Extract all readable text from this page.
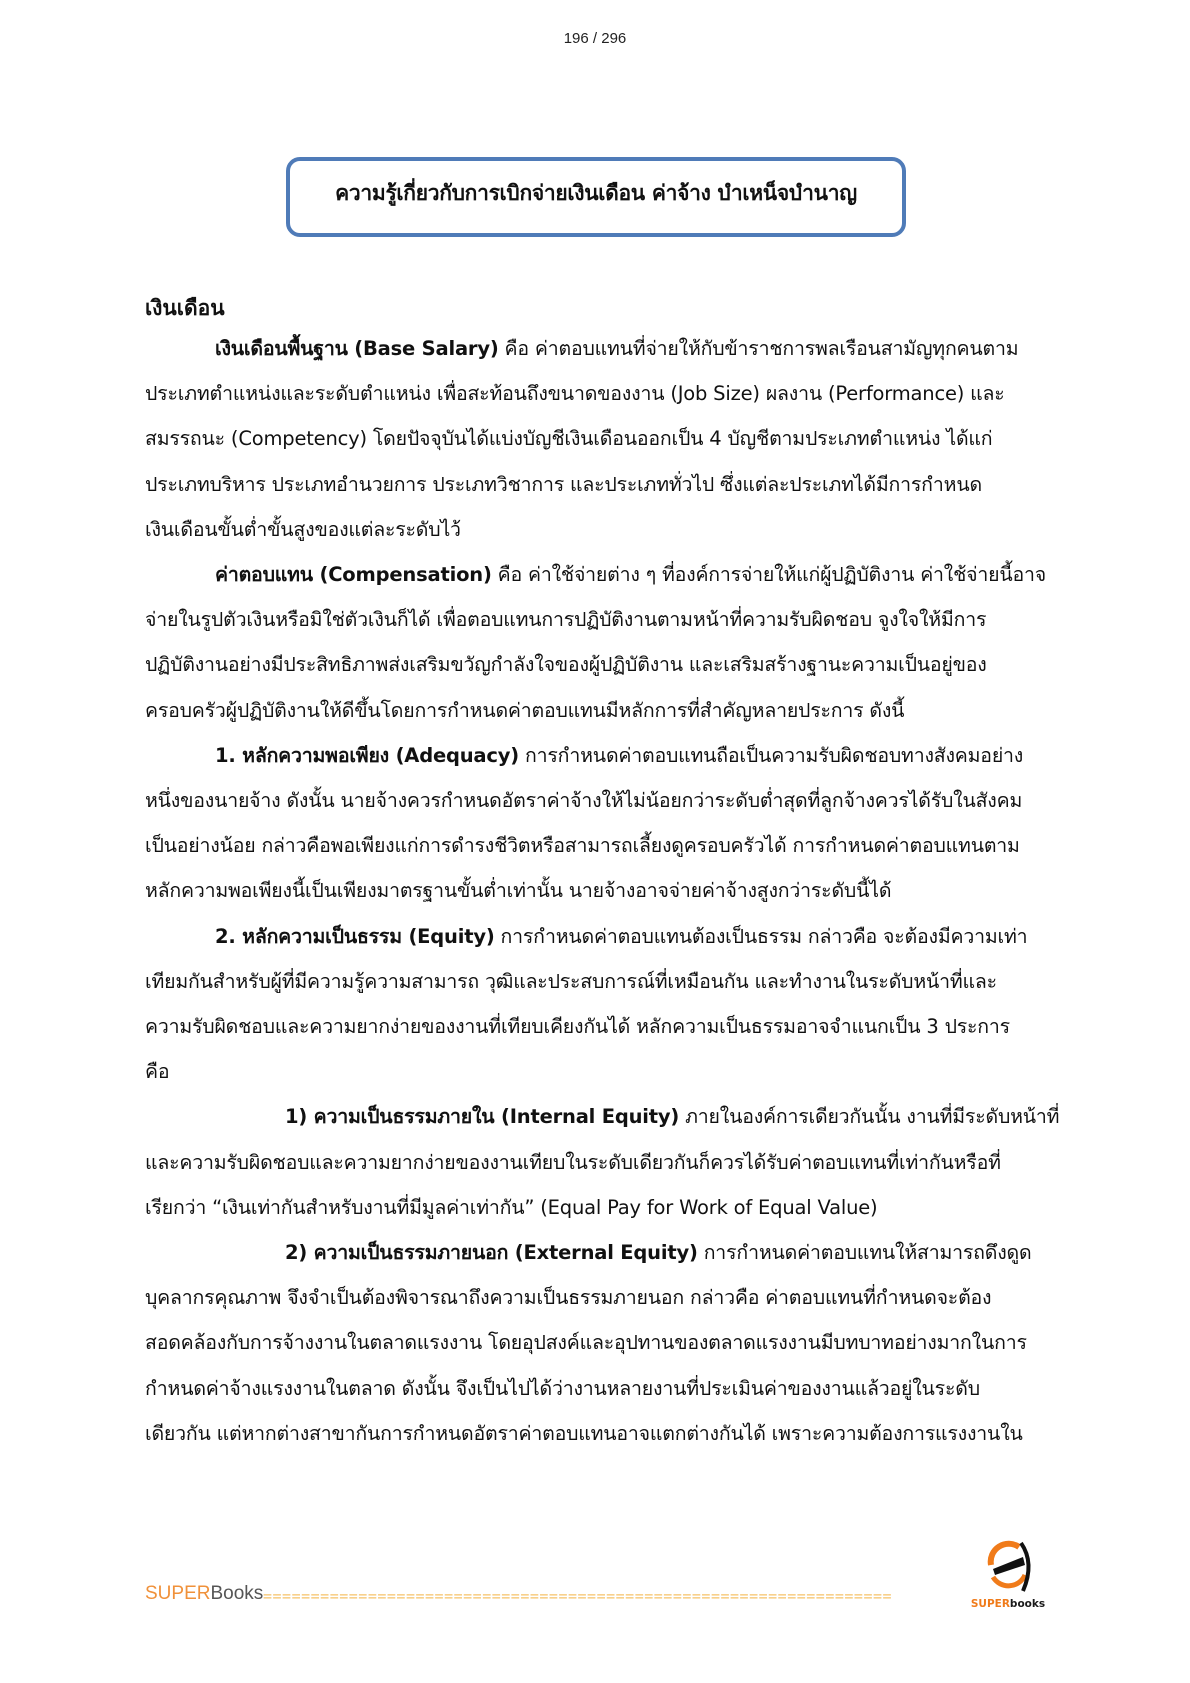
196 / 296
ความรู้เกี่ยวกับการเบิกจ่ายเงินเดือน ค่าจ้าง บำเหน็จบำนาญ
เงินเดือน
เงินเดือนพื้นฐาน (Base Salary) คือ ค่าตอบแทนที่จ่ายให้กับข้าราชการพลเรือนสามัญทุกคนตาม
ประเภทตำแหน่งและระดับตำแหน่ง เพื่อสะท้อนถึงขนาดของงาน (Job Size) ผลงาน (Performance) และ
สมรรถนะ (Competency) โดยปัจจุบันได้แบ่งบัญชีเงินเดือนออกเป็น 4 บัญชีตามประเภทตำแหน่ง ได้แก่
ประเภทบริหาร ประเภทอำนวยการ ประเภทวิชาการ และประเภททั่วไป ซึ่งแต่ละประเภทได้มีการกำหนด
เงินเดือนขั้นต่ำขั้นสูงของแต่ละระดับไว้
ค่าตอบแทน (Compensation) คือ ค่าใช้จ่ายต่าง ๆ ที่องค์การจ่ายให้แก่ผู้ปฏิบัติงาน ค่าใช้จ่ายนี้อาจ
จ่ายในรูปตัวเงินหรือมิใช่ตัวเงินก็ได้ เพื่อตอบแทนการปฏิบัติงานตามหน้าที่ความรับผิดชอบ จูงใจให้มีการ
ปฏิบัติงานอย่างมีประสิทธิภาพส่งเสริมขวัญกำลังใจของผู้ปฏิบัติงาน และเสริมสร้างฐานะความเป็นอยู่ของ
ครอบครัวผู้ปฏิบัติงานให้ดีขึ้นโดยการกำหนดค่าตอบแทนมีหลักการที่สำคัญหลายประการ ดังนี้
1. หลักความพอเพียง (Adequacy) การกำหนดค่าตอบแทนถือเป็นความรับผิดชอบทางสังคมอย่าง
หนึ่งของนายจ้าง ดังนั้น นายจ้างควรกำหนดอัตราค่าจ้างให้ไม่น้อยกว่าระดับต่ำสุดที่ลูกจ้างควรได้รับในสังคม
เป็นอย่างน้อย กล่าวคือพอเพียงแก่การดำรงชีวิตหรือสามารถเลี้ยงดูครอบครัวได้ การกำหนดค่าตอบแทนตาม
หลักความพอเพียงนี้เป็นเพียงมาตรฐานขั้นต่ำเท่านั้น นายจ้างอาจจ่ายค่าจ้างสูงกว่าระดับนี้ได้
2. หลักความเป็นธรรม (Equity) การกำหนดค่าตอบแทนต้องเป็นธรรม กล่าวคือ จะต้องมีความเท่า
เทียมกันสำหรับผู้ที่มีความรู้ความสามารถ วุฒิและประสบการณ์ที่เหมือนกัน และทำงานในระดับหน้าที่และ
ความรับผิดชอบและความยากง่ายของงานที่เทียบเคียงกันได้ หลักความเป็นธรรมอาจจำแนกเป็น 3 ประการ
คือ
1) ความเป็นธรรมภายใน (Internal Equity) ภายในองค์การเดียวกันนั้น งานที่มีระดับหน้าที่
และความรับผิดชอบและความยากง่ายของงานเทียบในระดับเดียวกันก็ควรได้รับค่าตอบแทนที่เท่ากันหรือที่
เรียกว่า “เงินเท่ากันสำหรับงานที่มีมูลค่าเท่ากัน” (Equal Pay for Work of Equal Value)
2) ความเป็นธรรมภายนอก (External Equity) การกำหนดค่าตอบแทนให้สามารถดึงดูด
บุคลากรคุณภาพ จึงจำเป็นต้องพิจารณาถึงความเป็นธรรมภายนอก กล่าวคือ ค่าตอบแทนที่กำหนดจะต้อง
สอดคล้องกับการจ้างงานในตลาดแรงงาน โดยอุปสงค์และอุปทานของตลาดแรงงานมีบทบาทอย่างมากในการ
กำหนดค่าจ้างแรงงานในตลาด ดังนั้น จึงเป็นไปได้ว่างานหลายงานที่ประเมินค่าของงานแล้วอยู่ในระดับ
เดียวกัน แต่หากต่างสาขากันการกำหนดอัตราค่าตอบแทนอาจแตกต่างกันได้ เพราะความต้องการแรงงานใน
SUPERBooks ==================================================================	SUPERbooks
